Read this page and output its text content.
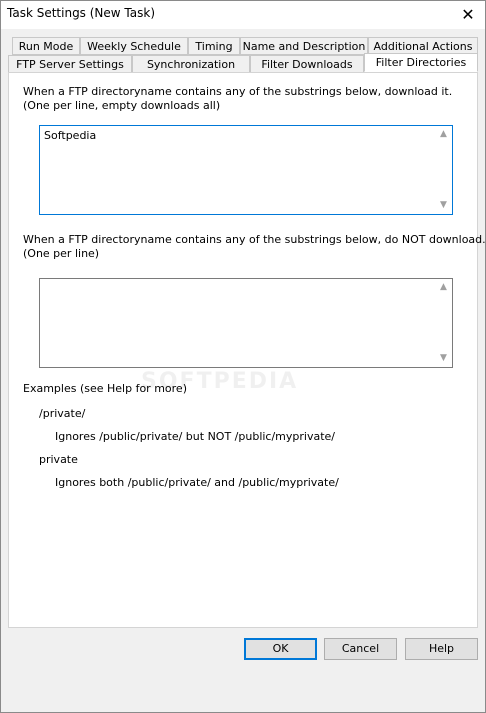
Task Settings (New Task)	✕
Run Mode	Weekly Schedule	Timing Name and Description Additional Actions
FTP Server Settings	Synchronization	Filter Downloads	Filter Directories
When a FTP directoryname contains any of the substrings below, download it.
(One per line, empty downloads all)
Softpedia	▲
▼
When a FTP directoryname contains any of the substrings below, do NOT download.
(One per line)
▲
▼
Examples (see Help for more)
/private/
Ignores /public/private/ but NOT /public/myprivate/
private
Ignores both /public/private/ and /public/myprivate/
SOFTPEDIA
OK	Cancel	Help
